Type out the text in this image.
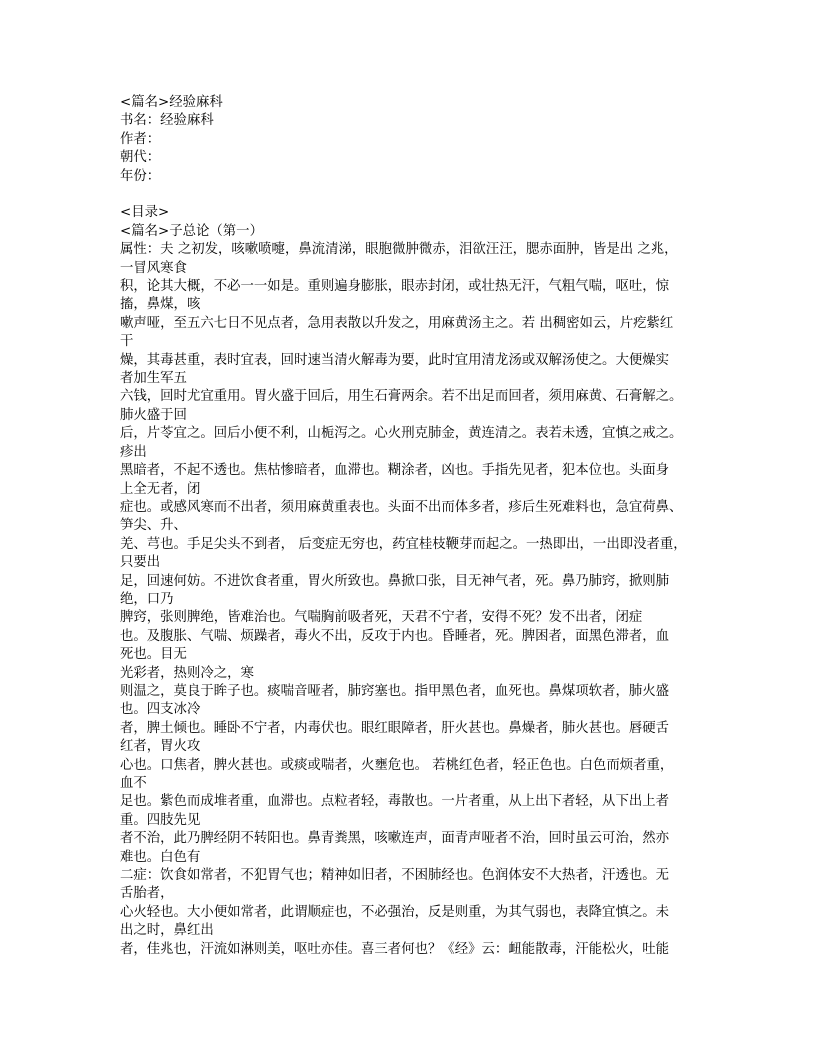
<篇名>经验麻科
书名：经验麻科
作者：
朝代：
年份：
<目录>
<篇名>子总论（第一）
属性：夫 之初发，咳嗽喷嚏，鼻流清涕，眼胞微肿微赤，泪欲汪汪，腮赤面肿，皆是出 之兆，
一冒风寒食
积，论其大概，不必一一如是。重则遍身膨胀，眼赤封闭，或壮热无汗，气粗气喘，呕吐，惊
搐，鼻煤，咳
嗽声哑，至五六七日不见点者，急用表散以升发之，用麻黄汤主之。若 出稠密如云，片疙紫红
干
燥，其毒甚重，表时宜表，回时速当清火解毒为要，此时宜用清龙汤或双解汤使之。大便燥实
者加生军五
六钱，回时尤宜重用。胃火盛于回后，用生石膏两余。若不出足而回者，须用麻黄、石膏解之。
肺火盛于回
后，片苓宜之。回后小便不利，山栀泻之。心火刑克肺金，黄连清之。表若未透，宜慎之戒之。
疹出
黑暗者，不起不透也。焦枯惨暗者，血滞也。糊涂者，凶也。手指先见者，犯本位也。头面身
上全无者，闭
症也。或感风寒而不出者，须用麻黄重表也。头面不出而体多者，疹后生死难料也，急宜荷鼻、
笋尖、升、
羌、芎也。手足尖头不到者， 后变症无穷也，药宜桂枝鞭芽而起之。一热即出，一出即没者重，
只要出
足，回速何妨。不进饮食者重，胃火所致也。鼻掀口张，目无神气者，死。鼻乃肺窍，掀则肺
绝，口乃
脾窍，张则脾绝，皆难治也。气喘胸前吸者死，天君不宁者，安得不死？发不出者，闭症
也。及腹胀、气喘、烦躁者，毒火不出，反攻于内也。昏睡者，死。脾困者，面黑色滞者，血
死也。目无
光彩者，热则冷之，寒
则温之，莫良于眸子也。痰喘音哑者，肺窍塞也。指甲黑色者，血死也。鼻煤项软者，肺火盛
也。四支冰冷
者，脾土倾也。睡卧不宁者，内毒伏也。眼红眼障者，肝火甚也。鼻燥者，肺火甚也。唇硬舌
红者，胃火攻
心也。口焦者，脾火甚也。或痰或喘者，火壅危也。 若桃红色者，轻正色也。白色而烦者重，
血不
足也。紫色而成堆者重，血滞也。点粒者轻，毒散也。一片者重，从上出下者轻，从下出上者
重。四肢先见
者不治，此乃脾经阴不转阳也。鼻青粪黑，咳嗽连声，面青声哑者不治，回时虽云可治，然亦
难也。白色有
二症：饮食如常者，不犯胃气也；精神如旧者，不困肺经也。色润体安不大热者，汗透也。无
舌胎者，
心火轻也。大小便如常者，此谓顺症也，不必强治，反是则重，为其气弱也，表降宜慎之。未
出之时，鼻红出
者，佳兆也，汗流如淋则美，呕吐亦佳。喜三者何也？《经》云：衄能散毒，汗能松火，吐能
